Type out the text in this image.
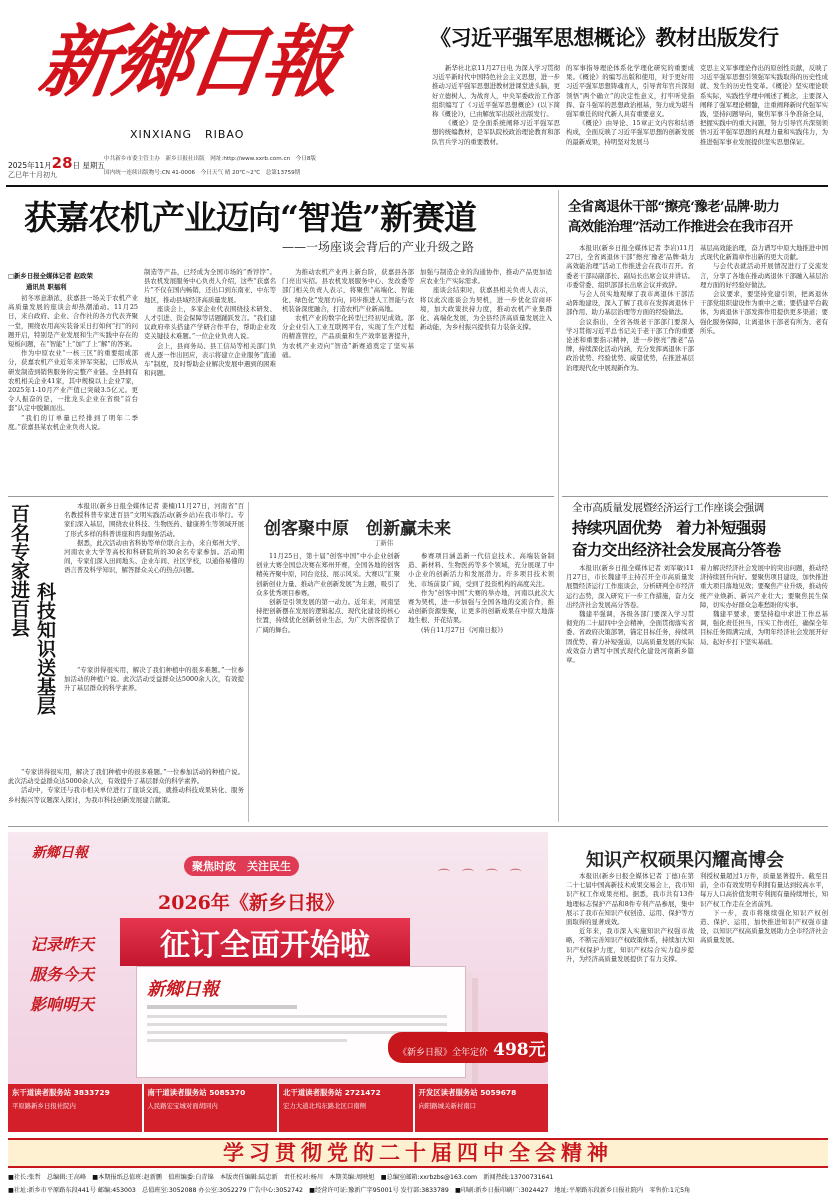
新鄉日報
XINXIANG RIBAO
2025年11月28日 星期五
乙巳年十月初九
中共新乡市委主管主办　新乡日报社出版　网址:http://www.xxrb.com.cn　今日8版
国内统一连续出版物号:CN 41-0006　今日天气 晴 20℃~2℃　总第13759期
《习近平强军思想概论》教材出版发行

新华社北京11月27日电 为深入学习贯彻习近平新时代中国特色社会主义思想，进一步推动习近平强军思想进教材进课堂进头脑，更好立德树人、为战育人，中央军委政治工作部组织编写了《习近平强军思想概论》(以下简称《概论》)，已由解放军出版社出版发行。

《概论》是全面系统阐释习近平强军思想的统编教材，是军队院校政治理论教育和部队官兵学习的重要教材。

的军事指导理论体系化学理化研究的重要成果。《概论》的编写出版和使用，对于更好用习近平强军思想铸魂育人，引导青年官兵深刻领悟“两个确立”的决定性意义，打牢听党指挥、奋斗强军的思想政治根基，努力成为堪当强军重任的时代新人具有重要意义。

《概论》由导论、15章正文内容和结语构成，全面反映了习近平强军思想的创新发展的最新成果，持明坚对发展马

克思主义军事理论作出的原创性贡献，反映了习近平强军思想引领强军实践取得的历史性成就、发生的历史性变革。《概论》坚实理论联系实际，实践性学理中阐述了概念，主要深入阐释了强军理论精髓，注重阐释新时代强军实践，坚持问题导向，聚焦军事斗争准备全局，把握实践中的重大问题，努力引导官兵深刻领悟习近平强军思想的真理力量和实践伟力，为推进强军事业发展提供坚实思想保证。

获嘉农机产业迈向“智造”新赛道
——一场座谈会背后的产业升级之路
□新乡日报全媒体记者 赵政荣
通讯员 职福利

初冬寒意渐浓，获嘉县一场关于农机产业高质量发展的座谈会却热潮涌动。11月25日，来自政府、企业、合作社的各方代表齐聚一堂，围绕农用高实装备采日打如何“打”的问题开启，特别是产业发展和生产实践中存在的短板问题，在“智能”上“加”了上“解”的答案。

作为中原农业“一核三区”的重要组成部分，获嘉农机产业近年来异军突起，已形成从研发制造到销售服务的完整产业链。全县拥有农机相关企业41家，其中规模以上企业7家，2025年1-10月产业产值已突破3.5亿元。更令人振奋的是，一批龙头企业在省级“首台套”认定中脱颖而出。

“我们的订单量已经排到了明年二季度。”获嘉县某农机企业负责人说。

制造等产品，已经成为全国市场的“香饽饽”。县农机发展服务中心负责人介绍，这些“获嘉名片”不仅在国内畅销，还出口到东南亚、中东等地区，推动县域经济高质量发展。

座谈会上，多家企业代表围绕技术研发、人才引进、资金保障等话题踊跃发言。“我们建议政府牵头搭建产学研合作平台，帮助企业攻克关键技术难题。”一位企业负责人说。

会上，县商务局、县工信局等相关部门负责人逐一作出回应，表示将建立企业服务“直通车”制度，及时帮助企业解决发展中遇到的困难和问题。

为推动农机产业再上新台阶，获嘉县各部门亮出实招。县农机发展服务中心、发改委等部门相关负责人表示，将聚焦“高端化、智能化、绿色化”发展方向，同步推进人工智能与农机装备深度融合，打造农机产业新高地。

农机产业的数字化转型已经初见成效。部分企业引入工业互联网平台，实现了生产过程的精准管控，产品质量和生产效率显著提升，为农机产业迈向“智造”新赛道奠定了坚实基础。

加强与制造企业的沟通协作，推动产品更加适应农业生产实际需求。

座谈会结束时，获嘉县相关负责人表示，将以此次座谈会为契机，进一步优化营商环境，加大政策扶持力度，推动农机产业集群化、高端化发展，为全县经济高质量发展注入新动能，为乡村振兴提供有力装备支撑。

全省离退休干部“擦亮‘豫老’品牌·助力
高效能治理”活动工作推进会在我市召开

本报讯(新乡日报全媒体记者 李岩)11月27日，全省离退休干部“擦亮‘豫老’品牌·助力高效能治理”活动工作推进会在我市召开。省委老干部局副部长、副局长出席会议并讲话。市委常委、组织部部长出席会议并致辞。

与会人员实地观摩了我市离退休干部活动阵地建设，深入了解了我市在发挥离退休干部作用、助力基层治理等方面的经验做法。

会议指出，全省各级老干部部门要深入学习贯彻习近平总书记关于老干部工作的重要论述和重要指示精神，进一步擦亮“豫老”品牌，持续深化活动内涵，充分发挥离退休干部政治优势、经验优势、威望优势，在推进基层治理现代化中展现新作为。

基层高效能治理，奋力谱写中原大地推进中国式现代化新篇章作出新的更大贡献。

与会代表就活动开展情况进行了交流发言，分享了各地在推动离退休干部融入基层治理方面的好经验好做法。

会议要求，要坚持党建引领，把离退休干部党组织建设作为重中之重；要搭建平台载体，为离退休干部发挥作用提供更多渠道；要强化服务保障，让离退休干部老有所为、老有所乐。

百名专家进百县
科技知识送基层

本报讯(新乡日报全媒体记者 姜楠)11月27日，河南省“百名教授科普专家进百县”文明实践活动(新乡站)在我市举行。专家们深入基层，围绕农业科技、生物医药、健康养生等领域开展了形式多样的科普讲座和咨询服务活动。

据悉，此次活动由省科协等单位联合主办，来自郑州大学、河南农业大学等高校和科研院所的30余名专家参加。活动期间，专家们深入田间地头、企业车间、社区学校，以通俗易懂的语言普及科学知识，解答群众关心的热点问题。

“专家讲得很实用，解决了我们种植中的很多难题。”一位参加活动的种植户说。此次活动受益群众达5000余人次，有效提升了基层群众的科学素养。

活动中，专家还与我市相关单位进行了座谈交流，就推动科技成果转化、服务乡村振兴等议题深入探讨，为我市科技创新发展建言献策。

“专家讲得很实用，解决了我们种植中的很多难题。”一位参加活动的种植户说。此次活动受益群众达5000余人次，有效提升了基层群众的科学素养。

创客聚中原　创新赢未来
丁新伟

11月25日，第十届“创客中国”中小企业创新创业大赛全国总决赛在郑州开赛，全国各地的创客精英齐聚中原，同台竞技、展示风采。大赛以“汇聚创新创业力量、推动产业创新发展”为主题，吸引了众多优秀项目参赛。

创新是引领发展的第一动力。近年来，河南坚持把创新摆在发展的逻辑起点、现代化建设的核心位置，持续优化创新创业生态，为广大创客提供了广阔的舞台。

参赛项目涵盖新一代信息技术、高端装备制造、新材料、生物医药等多个领域，充分展现了中小企业的创新活力和发展潜力。许多项目技术领先、市场前景广阔，受到了投资机构的高度关注。

作为“创客中国”大赛的举办地，河南以此次大赛为契机，进一步加强与全国各地的交流合作，推动创新资源集聚，让更多的创新成果在中原大地落地生根、开花结果。

(转自11月27日《河南日报》)

全市高质量发展暨经济运行工作座谈会强调
持续巩固优势　着力补短强弱
奋力交出经济社会发展高分答卷

本报讯(新乡日报全媒体记者 刘军敏)11月27日，市长魏建平主持召开全市高质量发展暨经济运行工作座谈会，分析研判全市经济运行态势，深入研究下一步工作措施，奋力交出经济社会发展高分答卷。

魏建平强调，各级各部门要深入学习贯彻党的二十届四中全会精神，全面贯彻落实省委、省政府决策部署，锚定目标任务，持续巩固优势、着力补短强弱，以高质量发展的实际成效奋力谱写中国式现代化建设河南新乡篇章。

着力解决经济社会发展中的突出问题，推动经济持续回升向好。要聚焦项目建设，加快推进重大项目落地见效；要聚焦产业升级，推动传统产业焕新、新兴产业壮大；要聚焦民生保障，切实办好群众急难愁盼的实事。

魏建平要求，要坚持稳中求进工作总基调，强化责任担当，压实工作责任，确保全年目标任务圆满完成，为明年经济社会发展开好局、起好步打下坚实基础。

新鄉日報
记录昨天
服务今天
影响明天
聚焦时政　关注民生
2026年《新乡日报》
征订全面开始啦
⌒ ⌒ ⌒ ⌒
新鄉日報
《新乡日报》全年定价 498元
东干道读者服务站 3833729
平原路新乡日报社院内
南干道读者服务站 5085370
人民路宏宝城对面胡同内
北干道读者服务站 2721472
宏力大道北坞东路北区口南侧
开发区读者服务站 5059678
向阳路城关新村南口
知识产权硕果闪耀高博会

本报讯(新乡日报全媒体记者 丁德)在第二十七届中国高新技术成果交易会上，我市知识产权工作成果亮相。据悉，我市共有13件地理标志保护产品和8件专利产品参展，集中展示了我市在知识产权创造、运用、保护等方面取得的显著成效。

近年来，我市深入实施知识产权强市战略，不断完善知识产权政策体系，持续加大知识产权保护力度，知识产权综合实力稳步提升，为经济高质量发展提供了有力支撑。

利授权量超过1万件，质量显著提升。截至目前，全市有效发明专利拥有量达到较高水平，每万人口高价值发明专利拥有量持续增长，知识产权工作走在全省前列。

下一步，我市将继续强化知识产权创造、保护、运用，加快推进知识产权强市建设，以知识产权高质量发展助力全市经济社会高质量发展。

学习贯彻党的二十届四中全会精神
■社长:张哲　总编辑:王高峰　■本期报纸总值班:赵新鹏　值班编委:白青锦　本版责任编辑:陆忠新　责任校对:杨川　本期美编:周映旭　■总编室邮箱:xxrbzbs@163.com　新闻热线:13700731641
■社址:新乡市平原路东段441号 邮编:453003　总值班室:3052088 办公室:3052279 广告中心:3052742　■经营许可证:豫新广字95001号 发行部:3833789　■印刷:新乡日报印刷厂:3024427　地址:平原路东段新乡日报社院内　零售价:1元5角
